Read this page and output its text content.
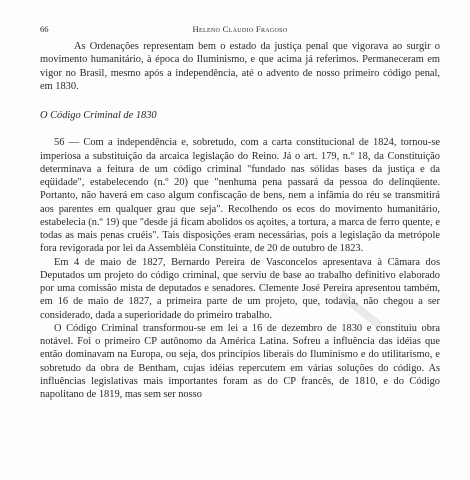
66	Heleno Cláudio Fragoso

As Ordenações representam bem o estado da justiça penal que vigorava ao surgir o movimento humanitário, à época do Iluminismo, e que acima já referimos. Permaneceram em vigor no Brasil, mesmo após a independência, até o advento de nosso primeiro código penal, em 1830.

O Código Criminal de 1830

56 — Com a independência e, sobretudo, com a carta constitucional de 1824, tornou-se imperiosa a substituição da arcaica legislação do Reino. Já o art. 179, n.º 18, da Constituição determinava a feitura de um código criminal "fundado nas sólidas bases da justiça e da eqüidade", estabelecendo (n.º 20) que "nenhuma pena passará da pessoa do delinqüente. Portanto, não haverá em caso algum confiscação de bens, nem a infâmia do réu se transmitirá aos parentes em qualquer grau que seja". Recolhendo os ecos do movimento humanitário, estabelecia (n.º 19) que "desde já ficam abolidos os açoites, a tortura, a marca de ferro quente, e todas as mais penas cruéis". Tais disposições eram necessárias, pois a legislação da metrópole fora revigorada por lei da Assembléia Constituinte, de 20 de outubro de 1823.

Em 4 de maio de 1827, Bernardo Pereira de Vasconcelos apresentava à Câmara dos Deputados um projeto do código criminal, que serviu de base ao trabalho definitivo elaborado por uma comissão mista de deputados e senadores. Clemente José Pereira apresentou também, em 16 de maio de 1827, a primeira parte de um projeto, que, todavia, não chegou a ser considerado, dada a superioridade do primeiro trabalho.

O Código Criminal transformou-se em lei a 16 de dezembro de 1830 e constituiu obra notável. Foi o primeiro CP autônomo da América Latina. Sofreu a influência das idéias que então dominavam na Europa, ou seja, dos princípios liberais do Iluminismo e do utilitarismo, e sobretudo da obra de Bentham, cujas idéias repercutem em várias soluções do código. As influências legislativas mais importantes foram as do CP francês, de 1810, e do Código napolitano de 1819, mas sem ser nosso

/
